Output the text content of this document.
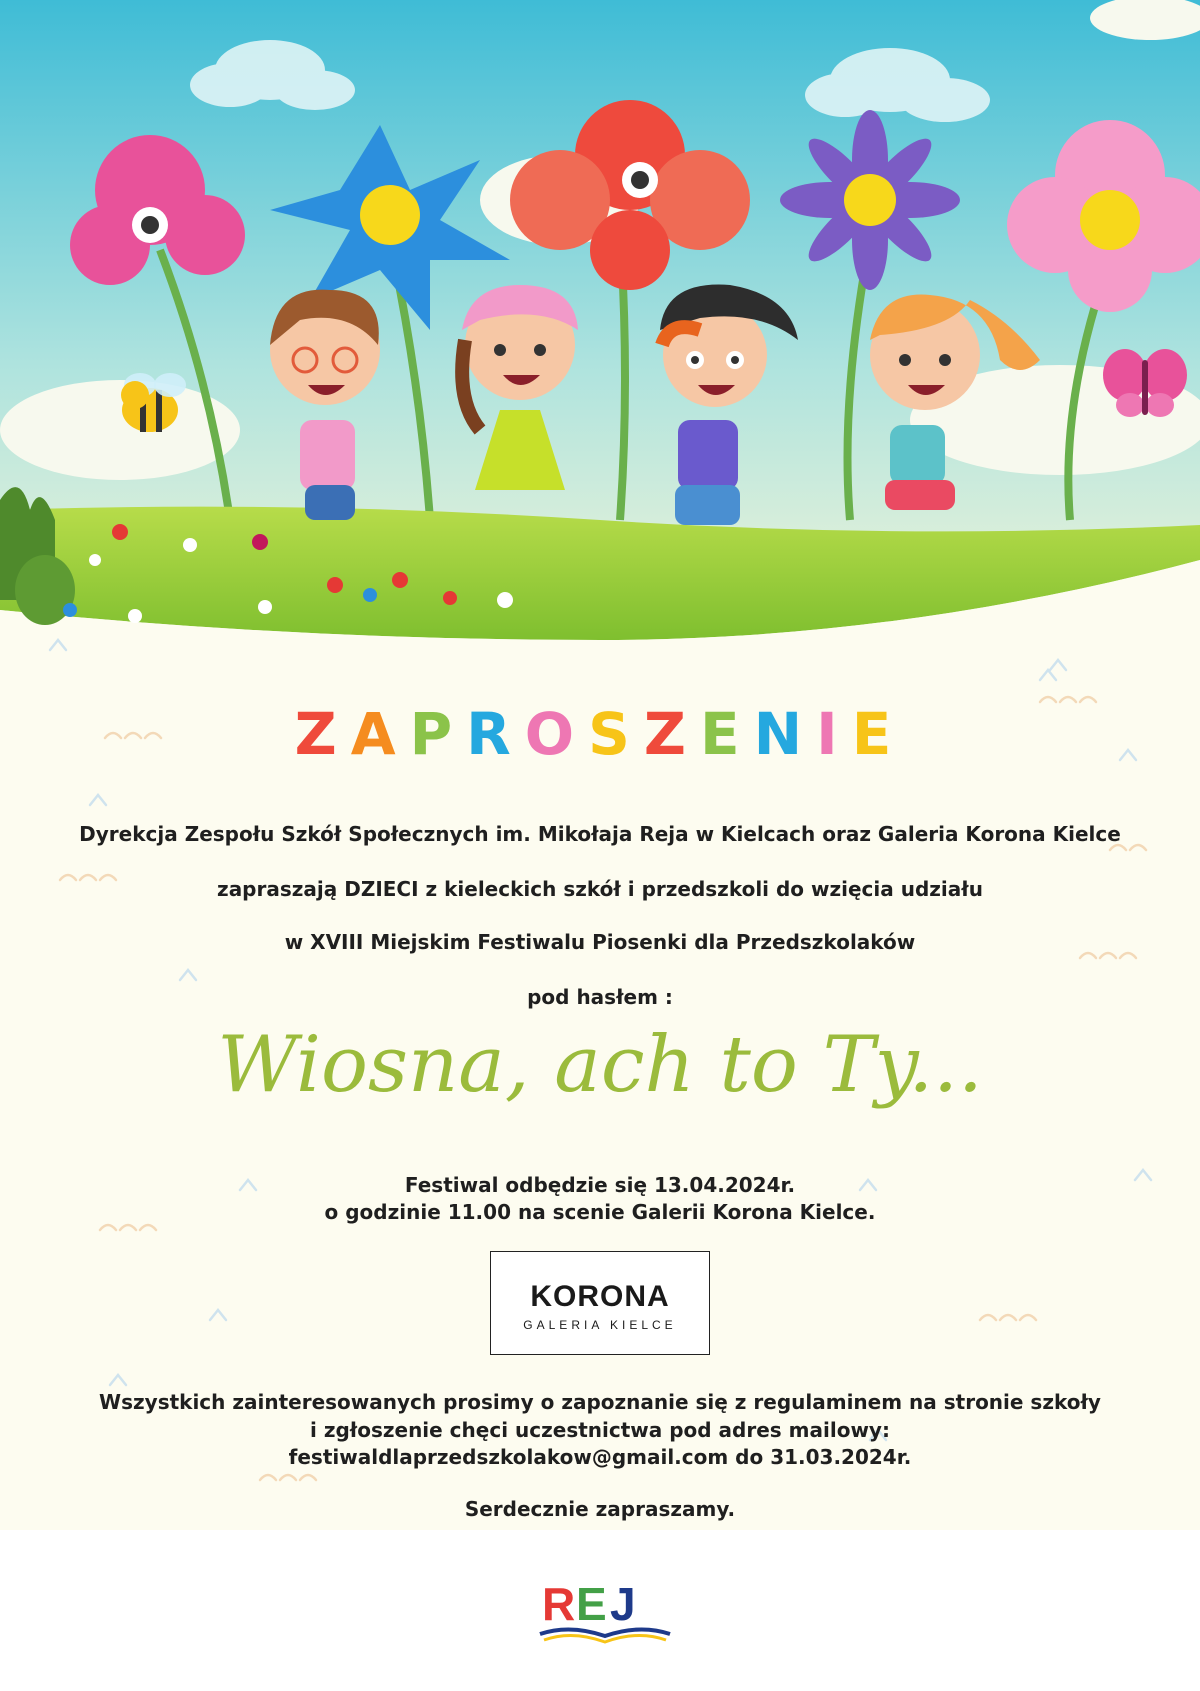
ZAPROSZENIE

Dyrekcja Zespołu Szkół Społecznych im. Mikołaja Reja w Kielcach oraz Galeria Korona Kielce

zapraszają DZIECI z kieleckich szkół i przedszkoli do wzięcia udziału

w XVIII Miejskim Festiwalu Piosenki dla Przedszkolaków

pod hasłem :

Wiosna, ach to Ty...

Festiwal odbędzie się 13.04.2024r.

o godzinie 11.00 na scenie Galerii Korona Kielce.

KORONA
GALERIA KIELCE

Wszystkich zainteresowanych prosimy o zapoznanie się z regulaminem na stronie szkoły

i zgłoszenie chęci uczestnictwa pod adres mailowy:

festiwaldlaprzedszkolakow@gmail.com do 31.03.2024r.

Serdecznie zapraszamy.

R E J
